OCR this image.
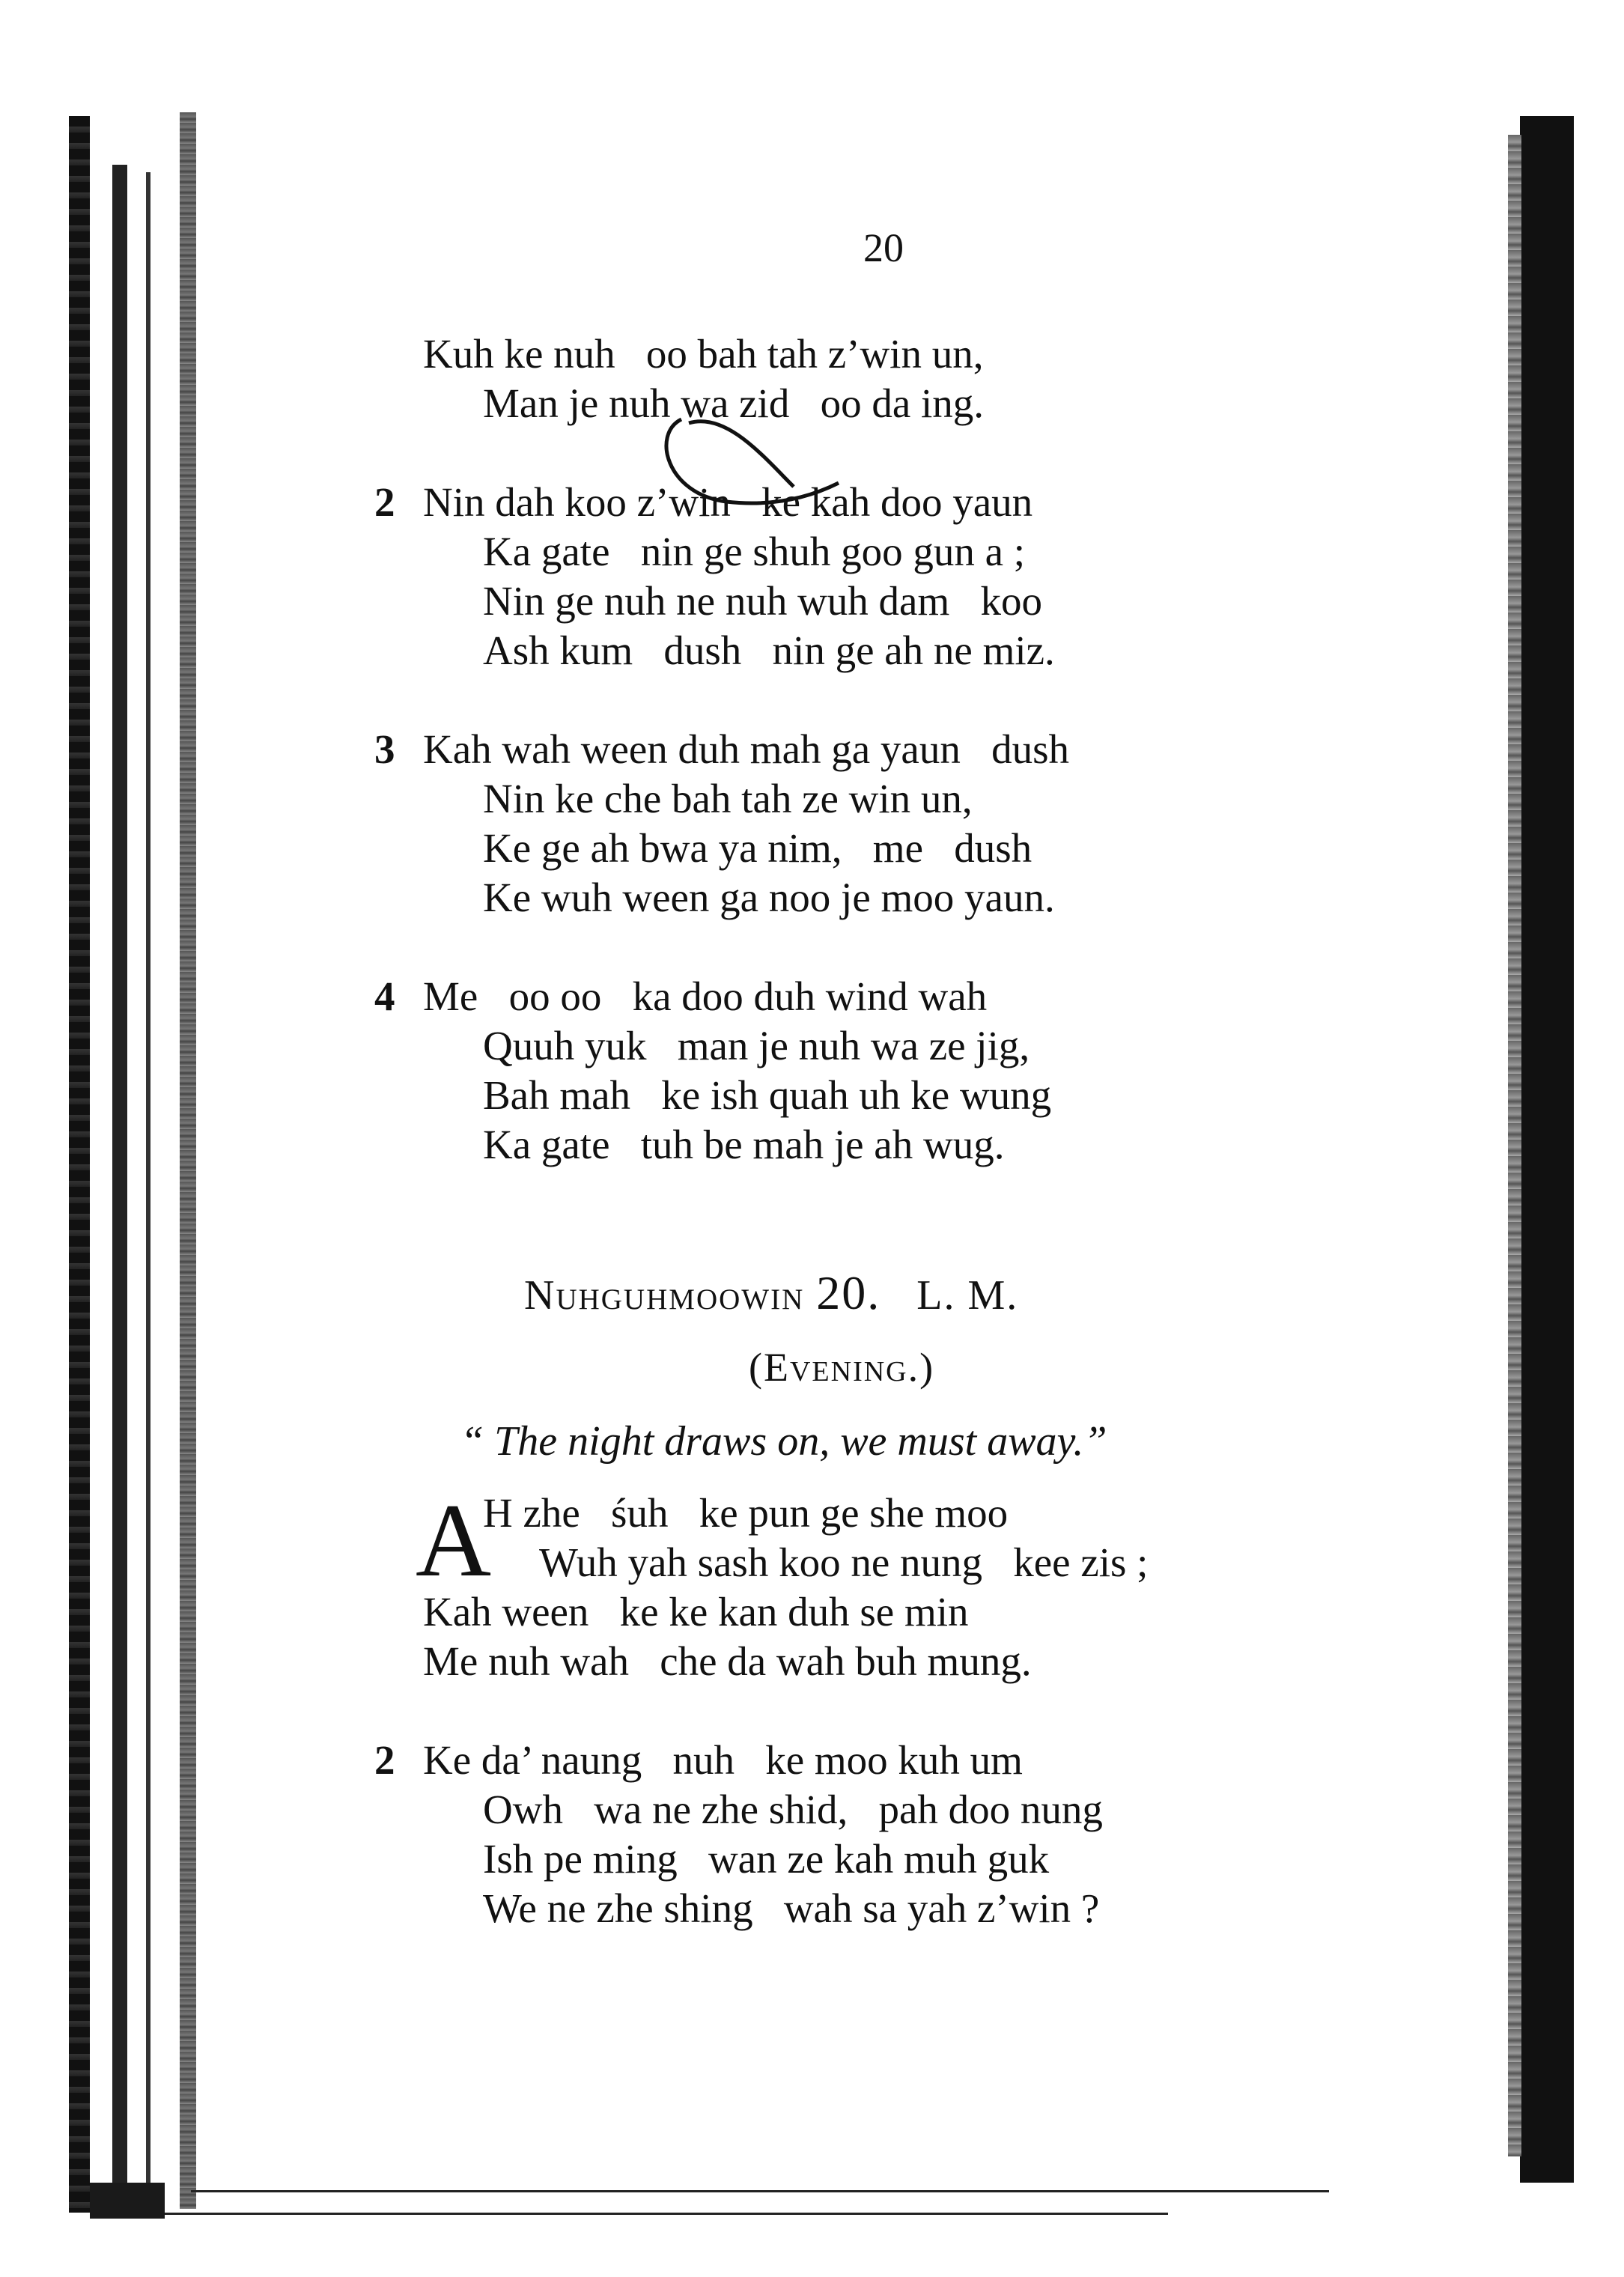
20
Kuh ke nuh   oo bah tah z’win un,
Man je nuh wa zid   oo da ing.
2 Nin dah koo z’win   ke kah doo yaun
Ka gate   nin ge shuh goo gun a ;
Nin ge nuh ne nuh wuh dam   koo
Ash kum   dush   nin ge ah ne miz.
3 Kah wah ween duh mah ga yaun   dush
Nin ke che bah tah ze win un,
Ke ge ah bwa ya nim,   me   dush
Ke wuh ween ga noo je moo yaun.
4 Me   oo oo   ka doo duh wind wah
Quuh yuk   man je nuh wa ze jig,
Bah mah   ke ish quah uh ke wung
Ka gate   tuh be mah je ah wug.
Nuhguhmoowin 20. L. M.
(Evening.)
“ The night draws on, we must away.”
A
H zhe   śuh   ke pun ge she moo
Wuh yah sash koo ne nung   kee zis ;
Kah ween   ke ke kan duh se min
Me nuh wah   che da wah buh mung.
2 Ke da’ naung   nuh   ke moo kuh um
Owh   wa ne zhe shid,   pah doo nung
Ish pe ming   wan ze kah muh guk
We ne zhe shing   wah sa yah z’win ?
